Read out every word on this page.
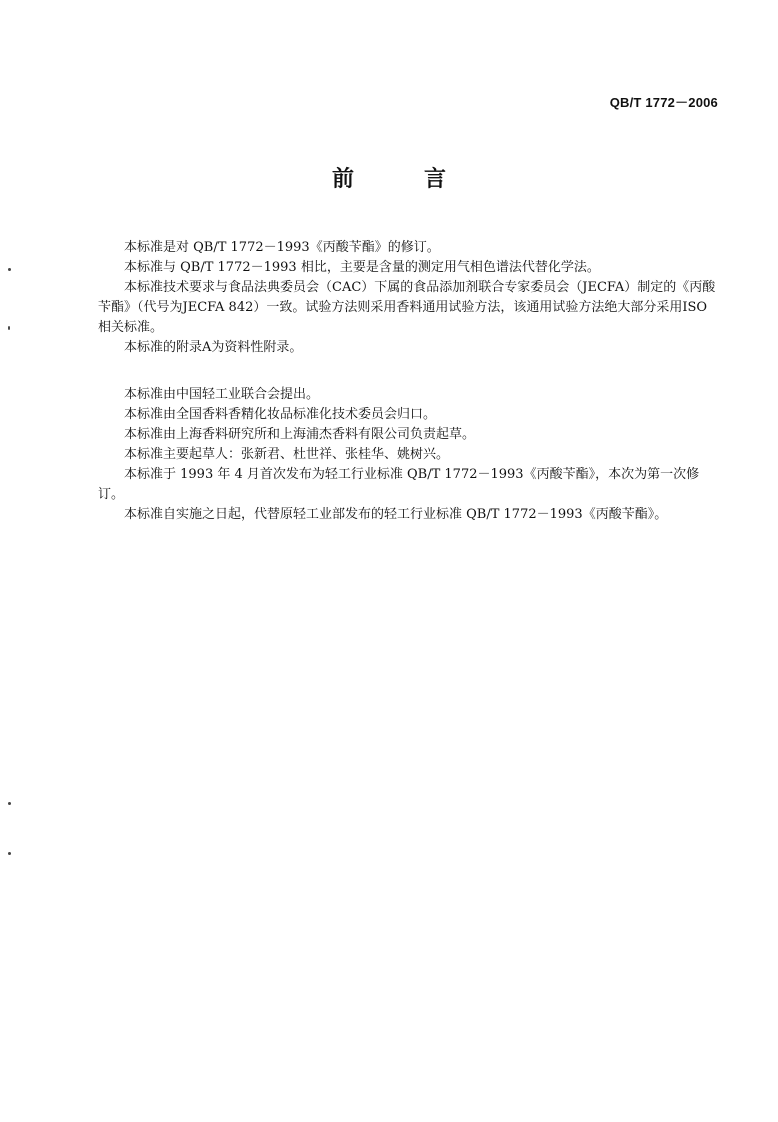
QB/T 1772－2006
前　言

本标准是对 QB/T 1772－1993《丙酸苄酯》的修订。

本标准与 QB/T 1772－1993 相比，主要是含量的测定用气相色谱法代替化学法。

本标准技术要求与食品法典委员会（CAC）下属的食品添加剂联合专家委员会（JECFA）制定的《丙酸苄酯》（代号为JECFA 842）一致。试验方法则采用香料通用试验方法，该通用试验方法绝大部分采用ISO相关标准。

本标准的附录A为资料性附录。

本标准由中国轻工业联合会提出。

本标准由全国香料香精化妆品标准化技术委员会归口。

本标准由上海香料研究所和上海浦杰香料有限公司负责起草。

本标准主要起草人：张新君、杜世祥、张桂华、姚树兴。

本标准于 1993 年 4 月首次发布为轻工行业标准 QB/T 1772－1993《丙酸苄酯》，本次为第一次修订。

本标准自实施之日起，代替原轻工业部发布的轻工行业标准 QB/T 1772－1993《丙酸苄酯》。
